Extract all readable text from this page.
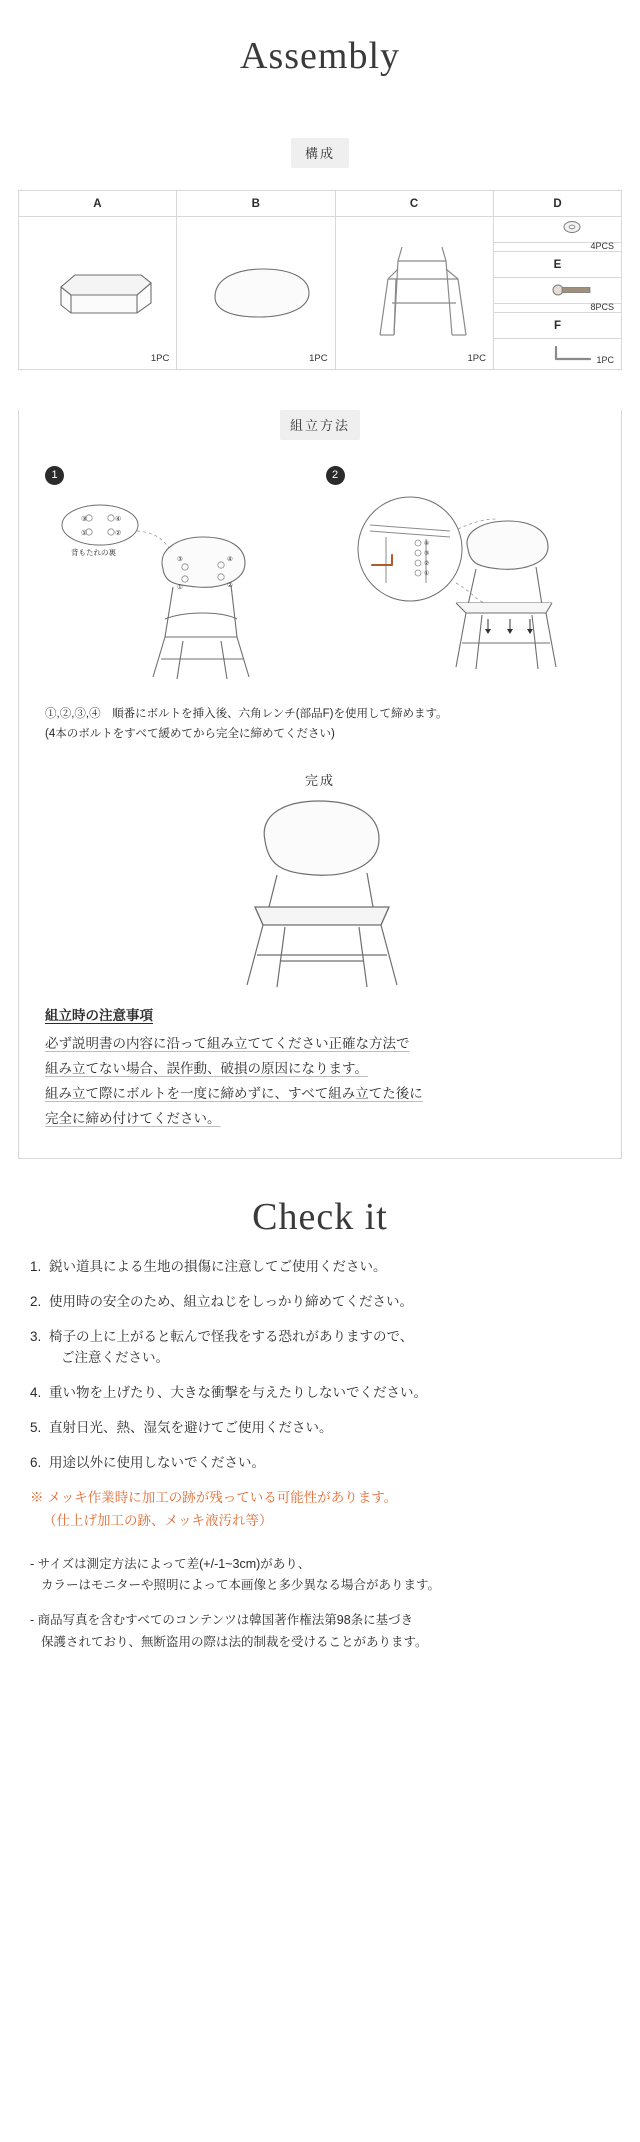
Assembly
構成
A
1PC
B
1PC
C
1PC
D
4PCS
E
8PCS
F
1PC
組立方法
1
③
①
④
②
背もたれの裏
③
①
④
②
2
④
③
②
①
①,②,③,④　順番にボルトを挿入後、六角レンチ(部品F)を使用して締めます。
(4本のボルトをすべて緩めてから完全に締めてください)
完成
組立時の注意事項

必ず説明書の内容に沿って組み立ててください正確な方法で

組み立てない場合、誤作動、破損の原因になります。

組み立て際にボルトを一度に締めずに、すべて組み立てた後に

完全に締め付けてください。

Check it
1. 鋭い道具による生地の損傷に注意してご使用ください。
2. 使用時の安全のため、組立ねじをしっかり締めてください。
3. 椅子の上に上がると転んで怪我をする恐れがありますので、
ご注意ください。
4. 重い物を上げたり、大きな衝撃を与えたりしないでください。
5. 直射日光、熱、湿気を避けてご使用ください。
6. 用途以外に使用しないでください。
※ メッキ作業時に加工の跡が残っている可能性があります。
（仕上げ加工の跡、メッキ液汚れ等）

- サイズは測定方法によって差(+/-1~3cm)があり、
カラーはモニターや照明によって本画像と多少異なる場合があります。

- 商品写真を含むすべてのコンテンツは韓国著作権法第98条に基づき
保護されており、無断盗用の際は法的制裁を受けることがあります。
